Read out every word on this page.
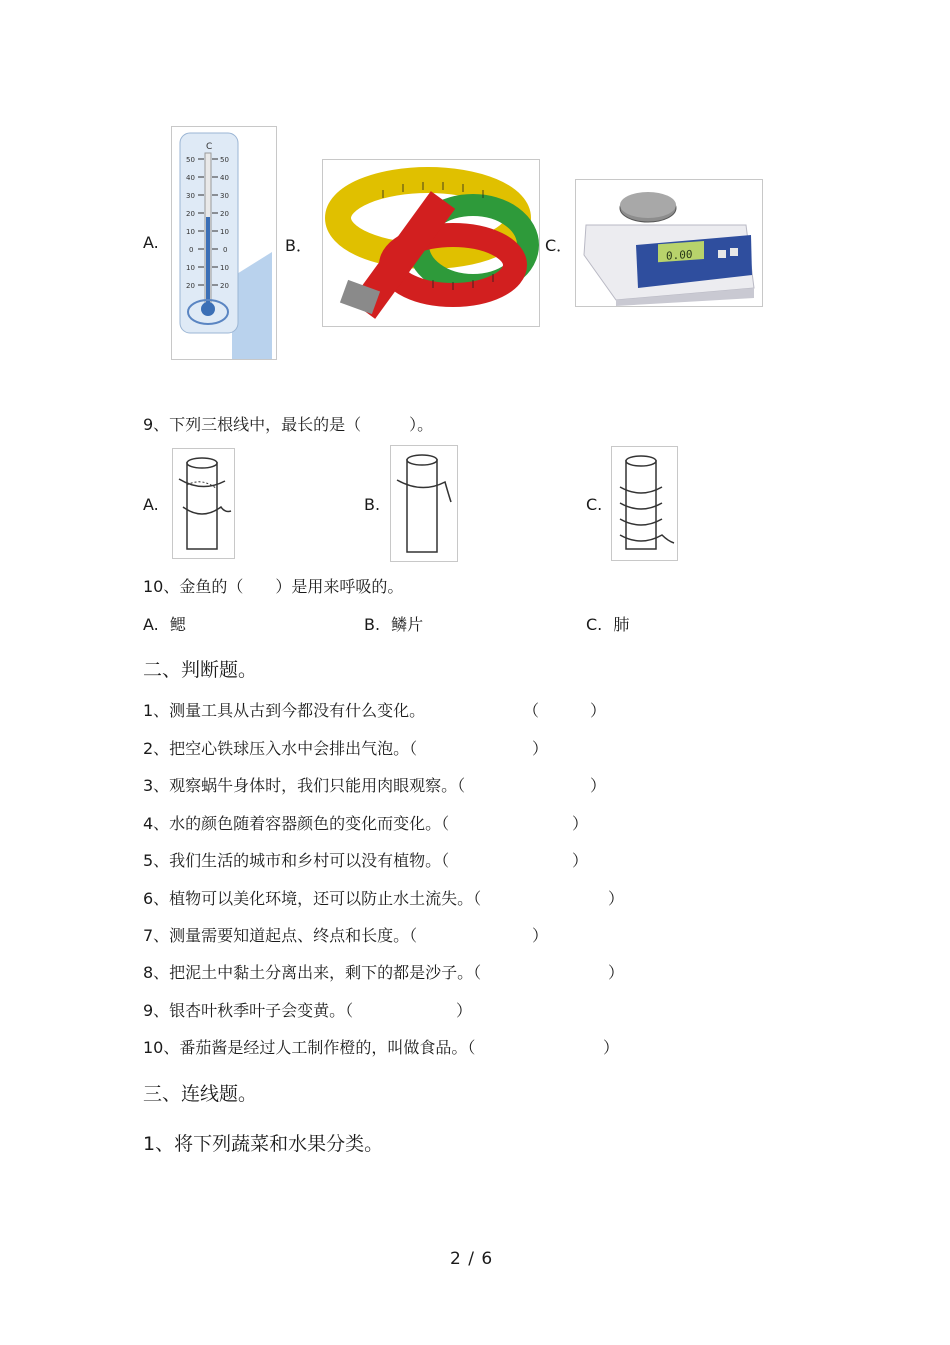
A.
C
50	50
40	40
30	30
20	20
10	10
0	0
10	10
20	20
B．	C．
0.00
9、下列三根线中，最长的是（　　　）。
A.	B.	C.
10、金鱼的（　　）是用来呼吸的。
A. 鳃	B. 鳞片	C. 肺
二、判断题。
1、测量工具从古到今都没有什么变化。	（	）
2、把空心铁球压入水中会排出气泡。（	）
3、观察蜗牛身体时，我们只能用肉眼观察。（	）
4、水的颜色随着容器颜色的变化而变化。（	）
5、我们生活的城市和乡村可以没有植物。（	）
6、植物可以美化环境，还可以防止水土流失。（	）
7、测量需要知道起点、终点和长度。（	）
8、把泥土中黏土分离出来，剩下的都是沙子。（	）
9、银杏叶秋季叶子会变黄。（	）
10、番茄酱是经过人工制作橙的，叫做食品。（	）
三、连线题。
1、将下列蔬菜和水果分类。
2 / 6
